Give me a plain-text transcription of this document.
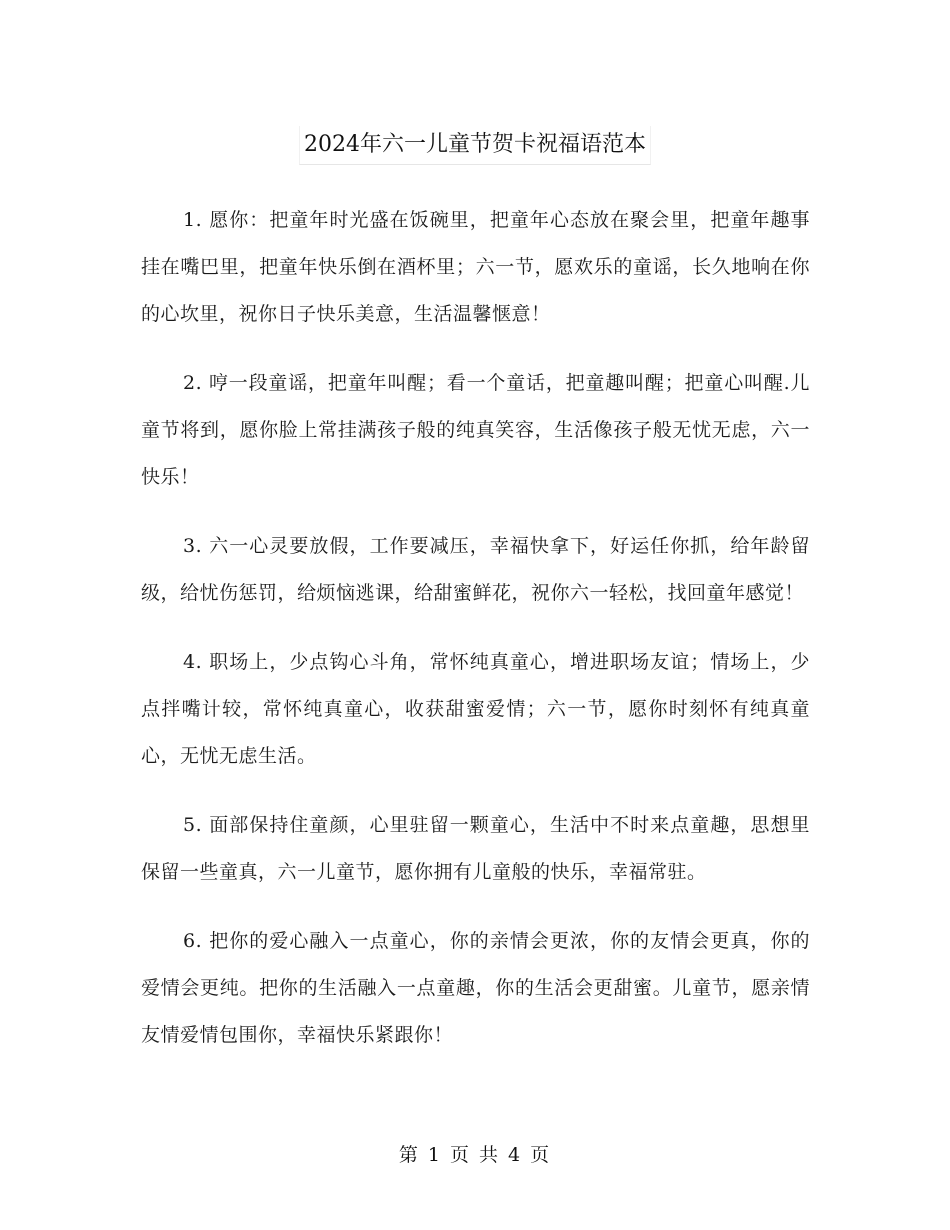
2024年六一儿童节贺卡祝福语范本

1. 愿你：把童年时光盛在饭碗里，把童年心态放在聚会里，把童年趣事挂在嘴巴里，把童年快乐倒在酒杯里；六一节，愿欢乐的童谣，长久地响在你的心坎里，祝你日子快乐美意，生活温馨惬意！

2. 哼一段童谣，把童年叫醒；看一个童话，把童趣叫醒；把童心叫醒.儿童节将到，愿你脸上常挂满孩子般的纯真笑容，生活像孩子般无忧无虑，六一快乐！

3. 六一心灵要放假，工作要减压，幸福快拿下，好运任你抓，给年龄留级，给忧伤惩罚，给烦恼逃课，给甜蜜鲜花，祝你六一轻松，找回童年感觉！

4. 职场上，少点钩心斗角，常怀纯真童心，增进职场友谊；情场上，少点拌嘴计较，常怀纯真童心，收获甜蜜爱情；六一节，愿你时刻怀有纯真童心，无忧无虑生活。

5. 面部保持住童颜，心里驻留一颗童心，生活中不时来点童趣，思想里保留一些童真，六一儿童节，愿你拥有儿童般的快乐，幸福常驻。

6. 把你的爱心融入一点童心，你的亲情会更浓，你的友情会更真，你的爱情会更纯。把你的生活融入一点童趣，你的生活会更甜蜜。儿童节，愿亲情友情爱情包围你，幸福快乐紧跟你！

第 1 页 共 4 页
